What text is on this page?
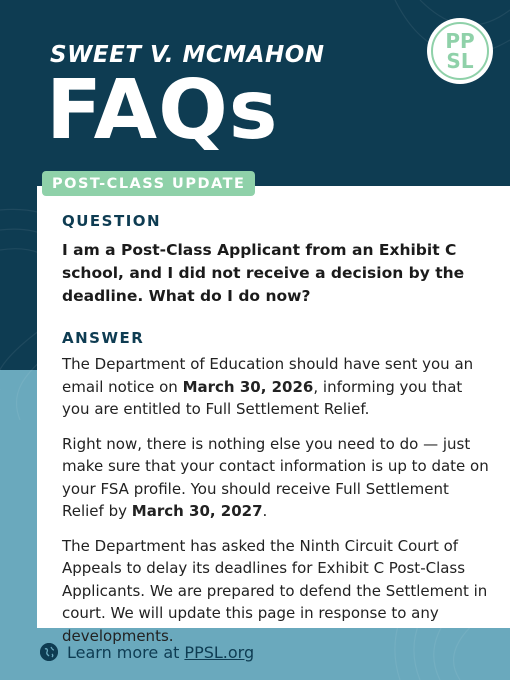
SWEET V. MCMAHON
FAQs
PP
SL
POST-CLASS UPDATE
QUESTION
I am a Post-Class Applicant from an Exhibit C school, and I did not receive a decision by the deadline. What do I do now?
ANSWER

The Department of Education should have sent you an email notice on March 30, 2026, informing you that you are entitled to Full Settlement Relief.

Right now, there is nothing else you need to do — just make sure that your contact information is up to date on your FSA profile. You should receive Full Settlement Relief by March 30, 2027.

The Department has asked the Ninth Circuit Court of Appeals to delay its deadlines for Exhibit C Post-Class Applicants. We are prepared to defend the Settlement in court. We will update this page in response to any developments.

Learn more at PPSL.org
